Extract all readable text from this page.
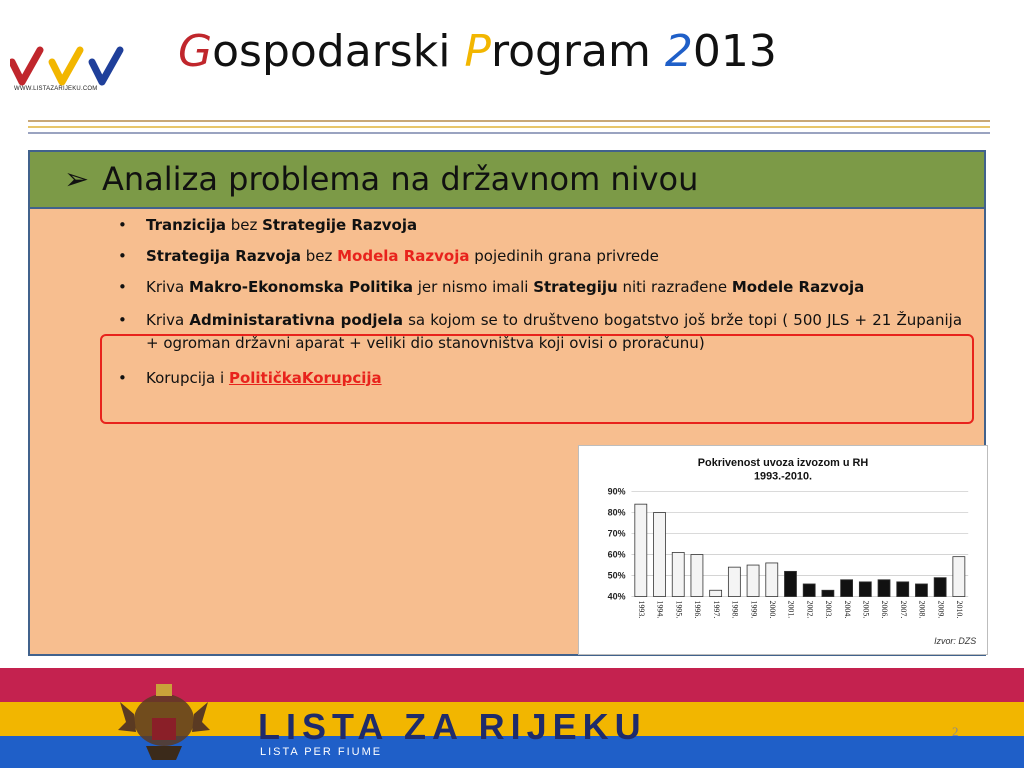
WWW.LISTAZARIJEKU.COM
Gospodarski Program 2013
➢ Analiza problema na državnom nivou
• Tranzicija bez Strategije Razvoja
• Strategija Razvoja bez Modela Razvoja pojedinih grana privrede
• Kriva Makro-Ekonomska Politika jer nismo imali Strategiju niti razrađene Modele Razvoja
• Kriva Administarativna podjela sa kojom se to društveno bogatstvo još brže topi ( 500 JLS + 21 Županija + ogroman državni aparat + veliki dio stanovništva koji ovisi o proračunu)
• Korupcija i PolitičkaKorupcija
Pokrivenost uvoza izvozom u RH
1993.-2010.
40%
50%
60%
70%
80%
90%
1993. 1994. 1995. 1996. 1997. 1998. 1999. 2000. 2001. 2002. 2003. 2004. 2005. 2006. 2007. 2008. 2009. 2010.
Izvor: DZS
LISTA ZA RIJEKU
LISTA PER FIUME
2
